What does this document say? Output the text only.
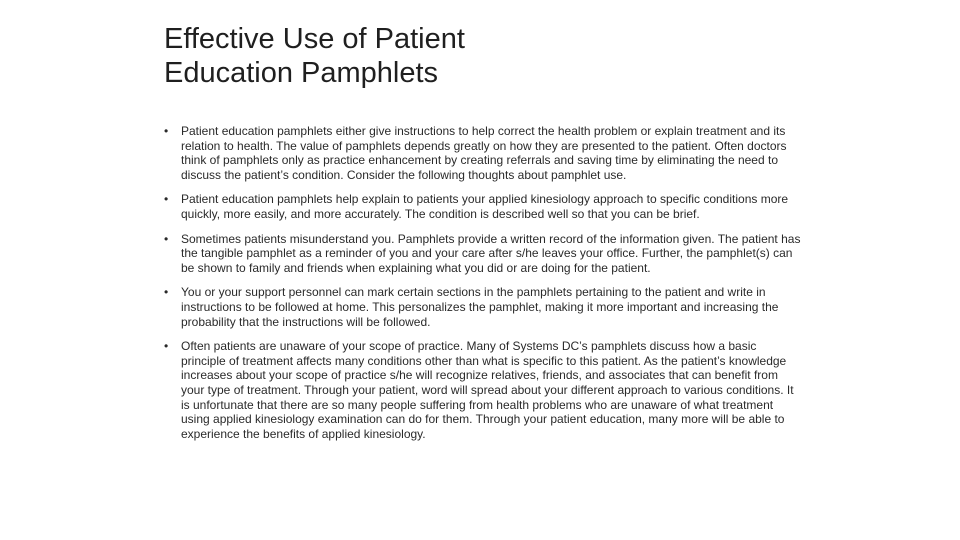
Effective Use of Patient
Education Pamphlets
•	Patient education pamphlets either give instructions to help correct the health problem or explain treatment and its relation to health. The value of pamphlets depends greatly on how they are presented to the patient. Often doctors think of pamphlets only as practice enhancement by creating referrals and saving time by eliminating the need to discuss the patient’s condition. Consider the following thoughts about pamphlet use.
•	Patient education pamphlets help explain to patients your applied kinesiology approach to specific conditions more quickly, more easily, and more accurately. The condition is described well so that you can be brief.
•	Sometimes patients misunderstand you. Pamphlets provide a written record of the information given. The patient has the tangible pamphlet as a reminder of you and your care after s/he leaves your office. Further, the pamphlet(s) can be shown to family and friends when explaining what you did or are doing for the patient.
•	You or your support personnel can mark certain sections in the pamphlets pertaining to the patient and write in instructions to be followed at home. This personalizes the pamphlet, making it more important and increasing the probability that the instructions will be followed.
•	Often patients are unaware of your scope of practice. Many of Systems DC’s pamphlets discuss how a basic principle of treatment affects many conditions other than what is specific to this patient. As the patient’s knowledge increases about your scope of practice s/he will recognize relatives, friends, and associates that can benefit from your type of treatment. Through your patient, word will spread about your different approach to various conditions. It is unfortunate that there are so many people suffering from health problems who are unaware of what treatment using applied kinesiology examination can do for them. Through your patient education, many more will be able to experience the benefits of applied kinesiology.
